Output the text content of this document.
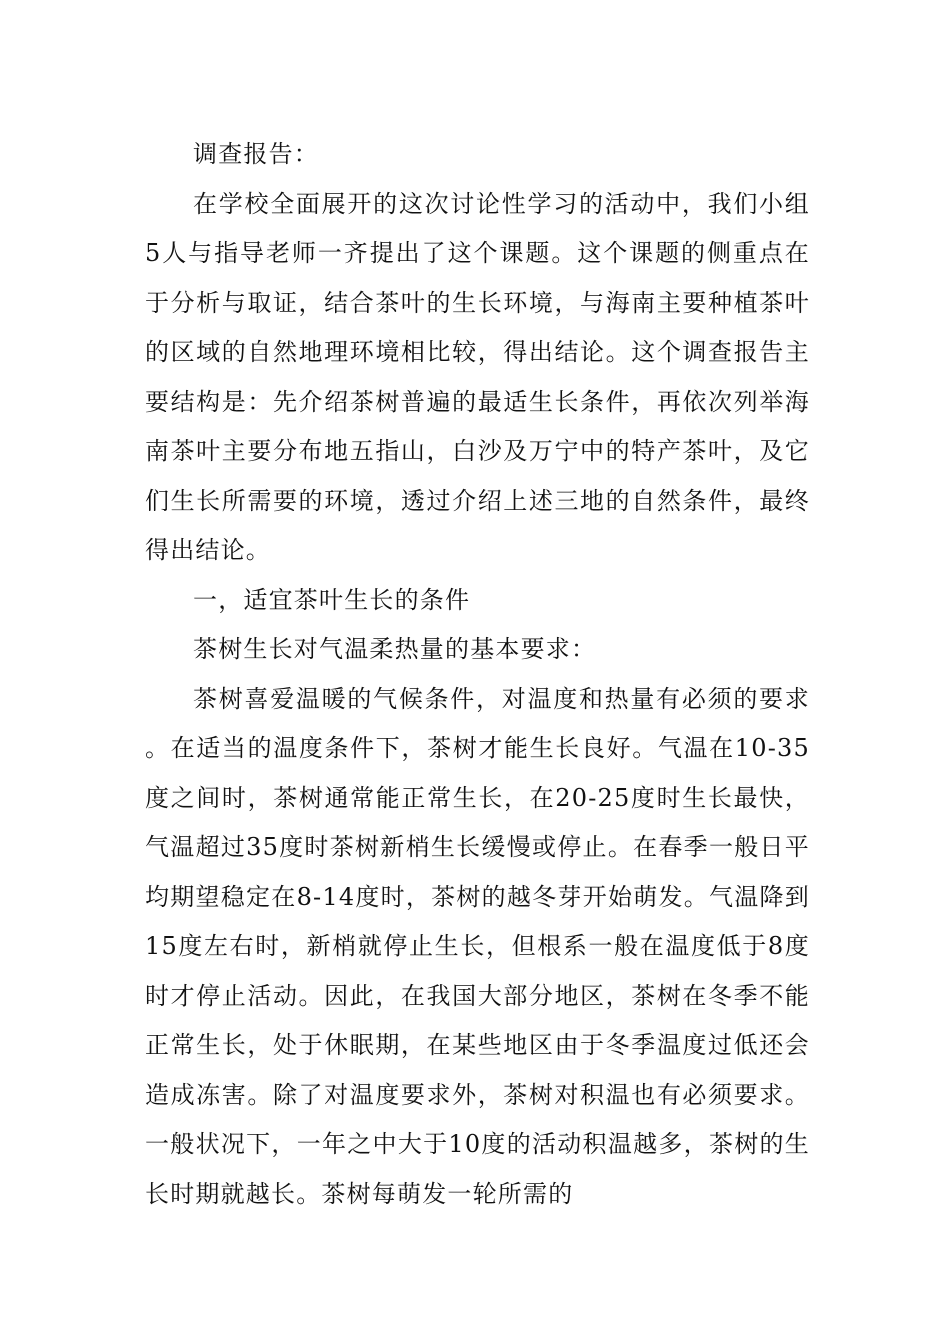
调查报告：

在学校全面展开的这次讨论性学习的活动中，我们小组5人与指导老师一齐提出了这个课题。这个课题的侧重点在于分析与取证，结合茶叶的生长环境，与海南主要种植茶叶的区域的自然地理环境相比较，得出结论。这个调查报告主要结构是：先介绍茶树普遍的最适生长条件，再依次列举海南茶叶主要分布地五指山，白沙及万宁中的特产茶叶，及它们生长所需要的环境，透过介绍上述三地的自然条件，最终得出结论。

一，适宜茶叶生长的条件

茶树生长对气温柔热量的基本要求：

茶树喜爱温暖的气候条件，对温度和热量有必须的要求。在适当的温度条件下，茶树才能生长良好。气温在10-35度之间时，茶树通常能正常生长，在20-25度时生长最快，气温超过35度时茶树新梢生长缓慢或停止。在春季一般日平均期望稳定在8-14度时，茶树的越冬芽开始萌发。气温降到15度左右时，新梢就停止生长，但根系一般在温度低于8度时才停止活动。因此，在我国大部分地区，茶树在冬季不能正常生长，处于休眠期，在某些地区由于冬季温度过低还会造成冻害。除了对温度要求外，茶树对积温也有必须要求。一般状况下，一年之中大于10度的活动积温越多，茶树的生长时期就越长。茶树每萌发一轮所需的
